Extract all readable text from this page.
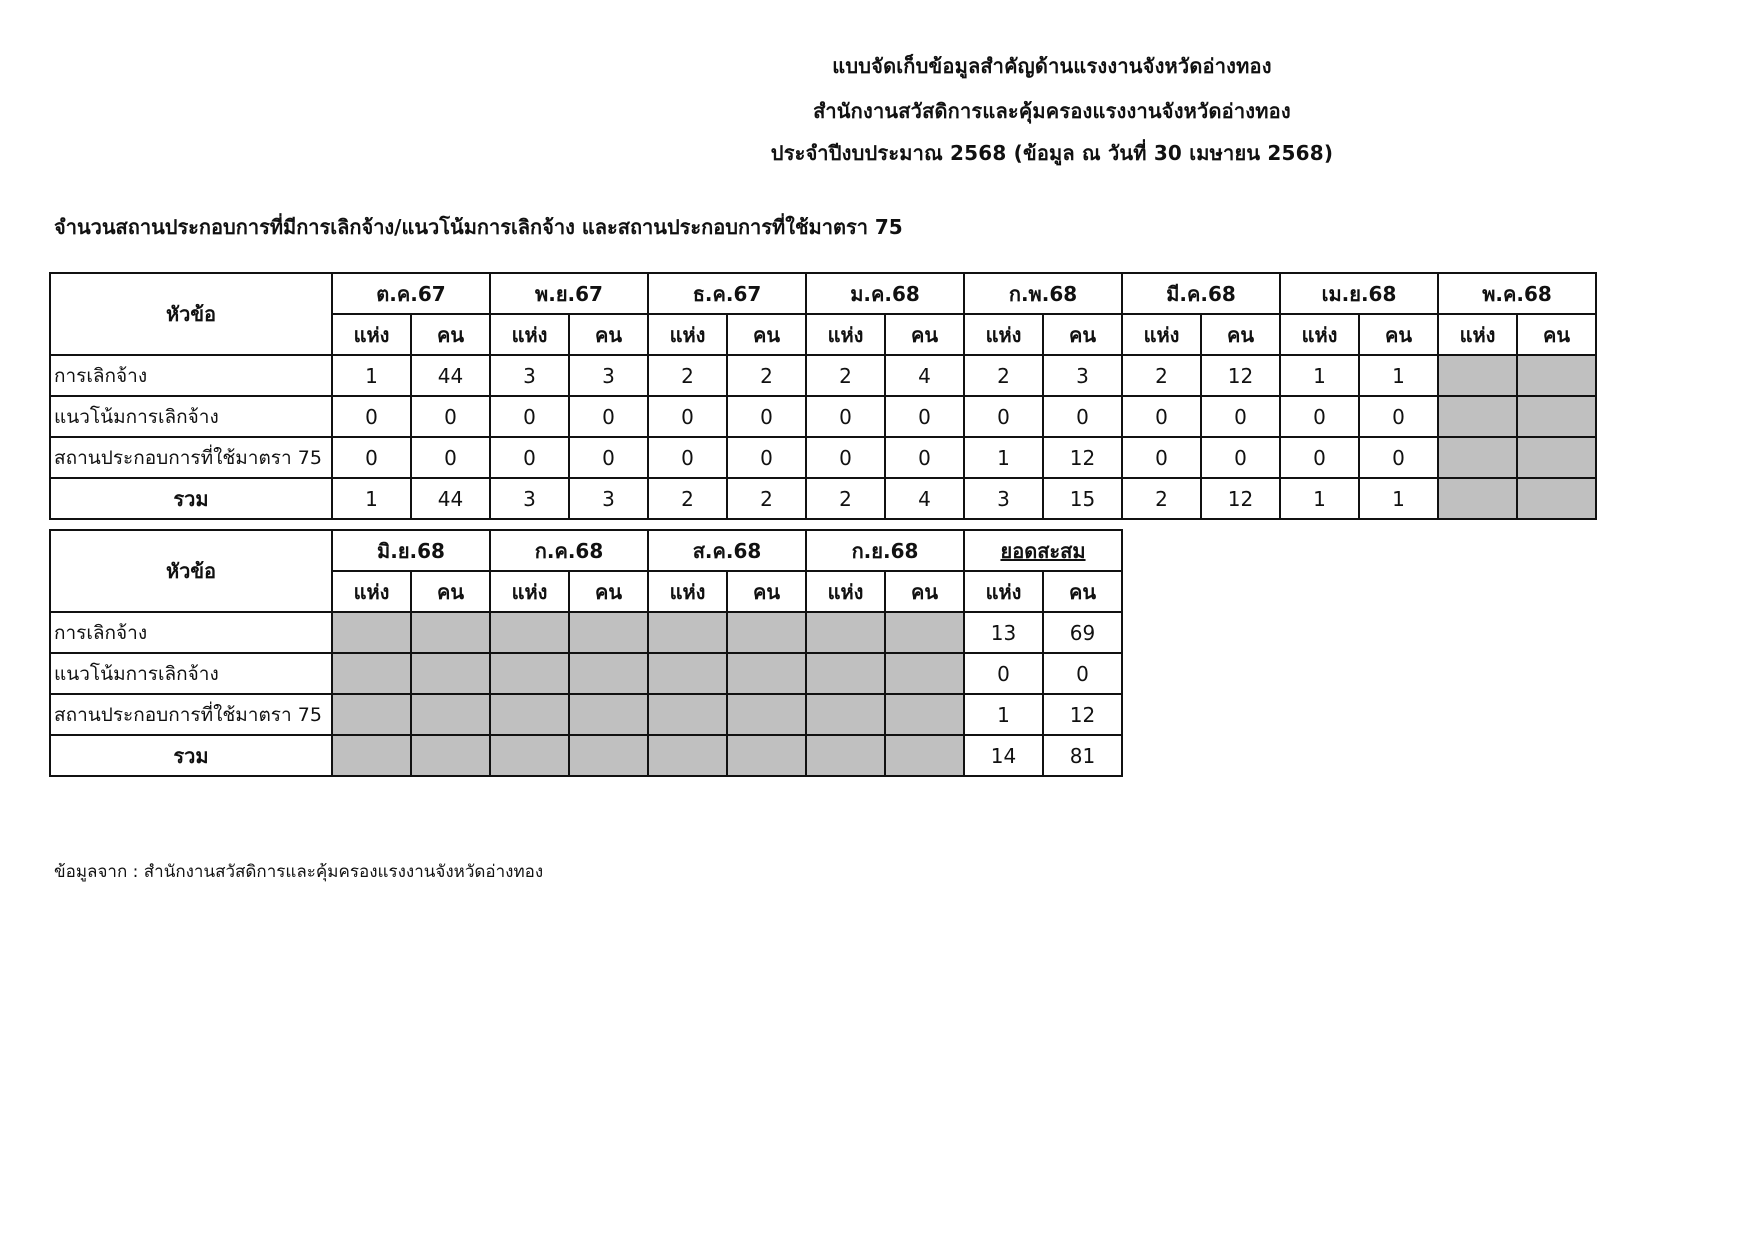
แบบจัดเก็บข้อมูลสำคัญด้านแรงงานจังหวัดอ่างทอง
สำนักงานสวัสดิการและคุ้มครองแรงงานจังหวัดอ่างทอง
ประจำปีงบประมาณ 2568 (ข้อมูล ณ วันที่ 30 เมษายน 2568)
จำนวนสถานประกอบการที่มีการเลิกจ้าง/แนวโน้มการเลิกจ้าง และสถานประกอบการที่ใช้มาตรา 75
หัวข้อ	ต.ค.67		พ.ย.67		ธ.ค.67		ม.ค.68		ก.พ.68		มี.ค.68		เม.ย.68		พ.ค.68	
	แห่ง	คน	แห่ง	คน	แห่ง	คน	แห่ง	คน	แห่ง	คน	แห่ง	คน	แห่ง	คน	แห่ง	คน
การเลิกจ้าง	1	44	3	3	2	2	2	4	2	3	2	12	1	1		
แนวโน้มการเลิกจ้าง	0	0	0	0	0	0	0	0	0	0	0	0	0	0		
สถานประกอบการที่ใช้มาตรา 75	0	0	0	0	0	0	0	0	1	12	0	0	0	0		
รวม	1	44	3	3	2	2	2	4	3	15	2	12	1	1		
หัวข้อ	มิ.ย.68		ก.ค.68		ส.ค.68		ก.ย.68		ยอดสะสม	
	แห่ง	คน	แห่ง	คน	แห่ง	คน	แห่ง	คน	แห่ง	คน
การเลิกจ้าง									13	69
แนวโน้มการเลิกจ้าง									0	0
สถานประกอบการที่ใช้มาตรา 75									1	12
รวม									14	81
ข้อมูลจาก : สำนักงานสวัสดิการและคุ้มครองแรงงานจังหวัดอ่างทอง
